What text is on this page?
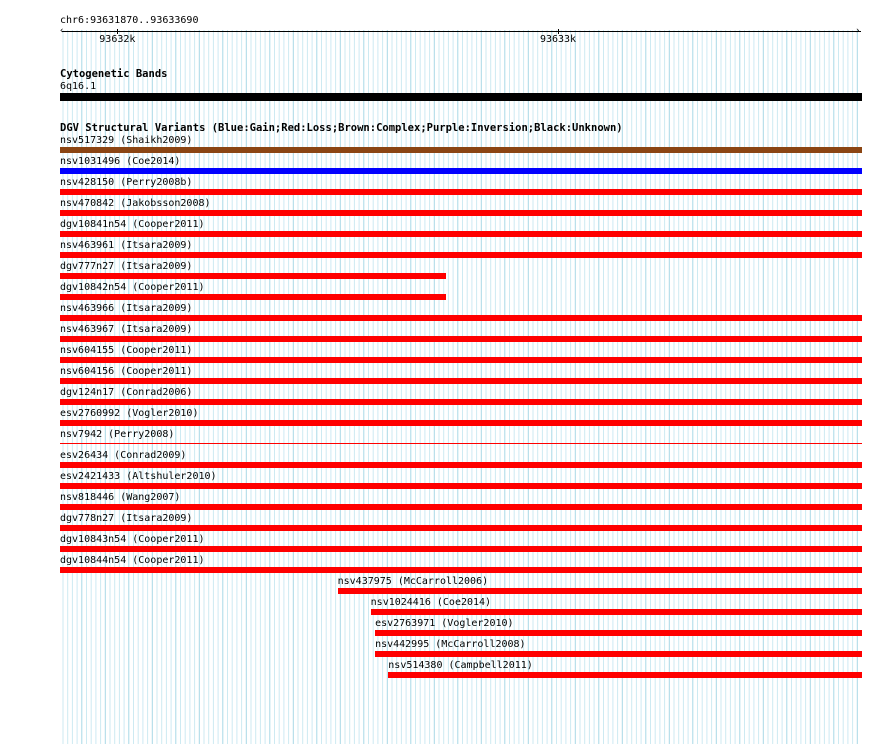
chr6:93631870..93633690
‹	›
93632k	93633k
Cytogenetic Bands
6q16.1
DGV Structural Variants (Blue:Gain;Red:Loss;Brown:Complex;Purple:Inversion;Black:Unknown)
nsv517329 (Shaikh2009)
nsv1031496 (Coe2014)
nsv428150 (Perry2008b)
nsv470842 (Jakobsson2008)
dgv10841n54 (Cooper2011)
nsv463961 (Itsara2009)
dgv777n27 (Itsara2009)
dgv10842n54 (Cooper2011)
nsv463966 (Itsara2009)
nsv463967 (Itsara2009)
nsv604155 (Cooper2011)
nsv604156 (Cooper2011)
dgv124n17 (Conrad2006)
esv2760992 (Vogler2010)
nsv7942 (Perry2008)
esv26434 (Conrad2009)
esv2421433 (Altshuler2010)
nsv818446 (Wang2007)
dgv778n27 (Itsara2009)
dgv10843n54 (Cooper2011)
dgv10844n54 (Cooper2011)
nsv437975 (McCarroll2006)
nsv1024416 (Coe2014)
esv2763971 (Vogler2010)
nsv442995 (McCarroll2008)
nsv514380 (Campbell2011)
